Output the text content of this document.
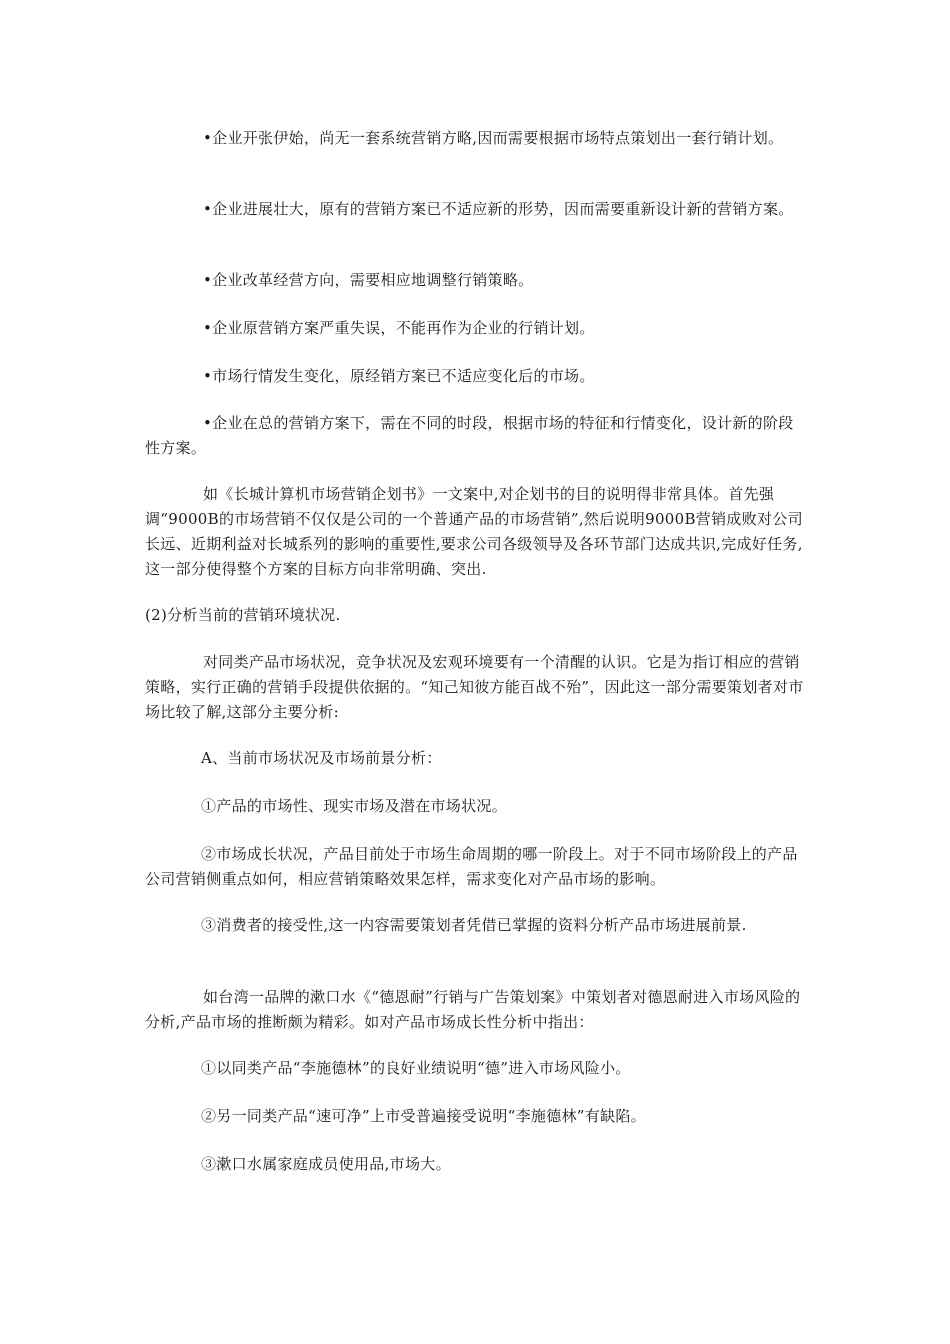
•企业开张伊始，尚无一套系统营销方略,因而需要根据市场特点策划出一套行销计划。
•企业进展壮大，原有的营销方案已不适应新的形势，因而需要重新设计新的营销方案。
•企业改革经营方向，需要相应地调整行销策略。
•企业原营销方案严重失误，不能再作为企业的行销计划。
•市场行情发生变化，原经销方案已不适应变化后的市场。
•企业在总的营销方案下，需在不同的时段，根据市场的特征和行情变化，设计新的阶段性方案。
如《长城计算机市场营销企划书》一文案中,对企划书的目的说明得非常具体。首先强调“9000B的市场营销不仅仅是公司的一个普通产品的市场营销”,然后说明9000B营销成败对公司长远、近期利益对长城系列的影响的重要性,要求公司各级领导及各环节部门达成共识,完成好任务,这一部分使得整个方案的目标方向非常明确、突出.
(2)分析当前的营销环境状况.
对同类产品市场状况，竞争状况及宏观环境要有一个清醒的认识。它是为指订相应的营销策略，实行正确的营销手段提供依据的。“知己知彼方能百战不殆”，因此这一部分需要策划者对市场比较了解,这部分主要分析:
A、当前市场状况及市场前景分析：
①产品的市场性、现实市场及潜在市场状况。
②市场成长状况，产品目前处于市场生命周期的哪一阶段上。对于不同市场阶段上的产品公司营销侧重点如何，相应营销策略效果怎样，需求变化对产品市场的影响。
③消费者的接受性,这一内容需要策划者凭借已掌握的资料分析产品市场进展前景.
如台湾一品牌的漱口水《“德恩耐”行销与广告策划案》中策划者对德恩耐进入市场风险的分析,产品市场的推断颇为精彩。如对产品市场成长性分析中指出：
①以同类产品“李施德林”的良好业绩说明“德”进入市场风险小。
②另一同类产品“速可净”上市受普遍接受说明“李施德林”有缺陷。
③漱口水属家庭成员使用品,市场大。
